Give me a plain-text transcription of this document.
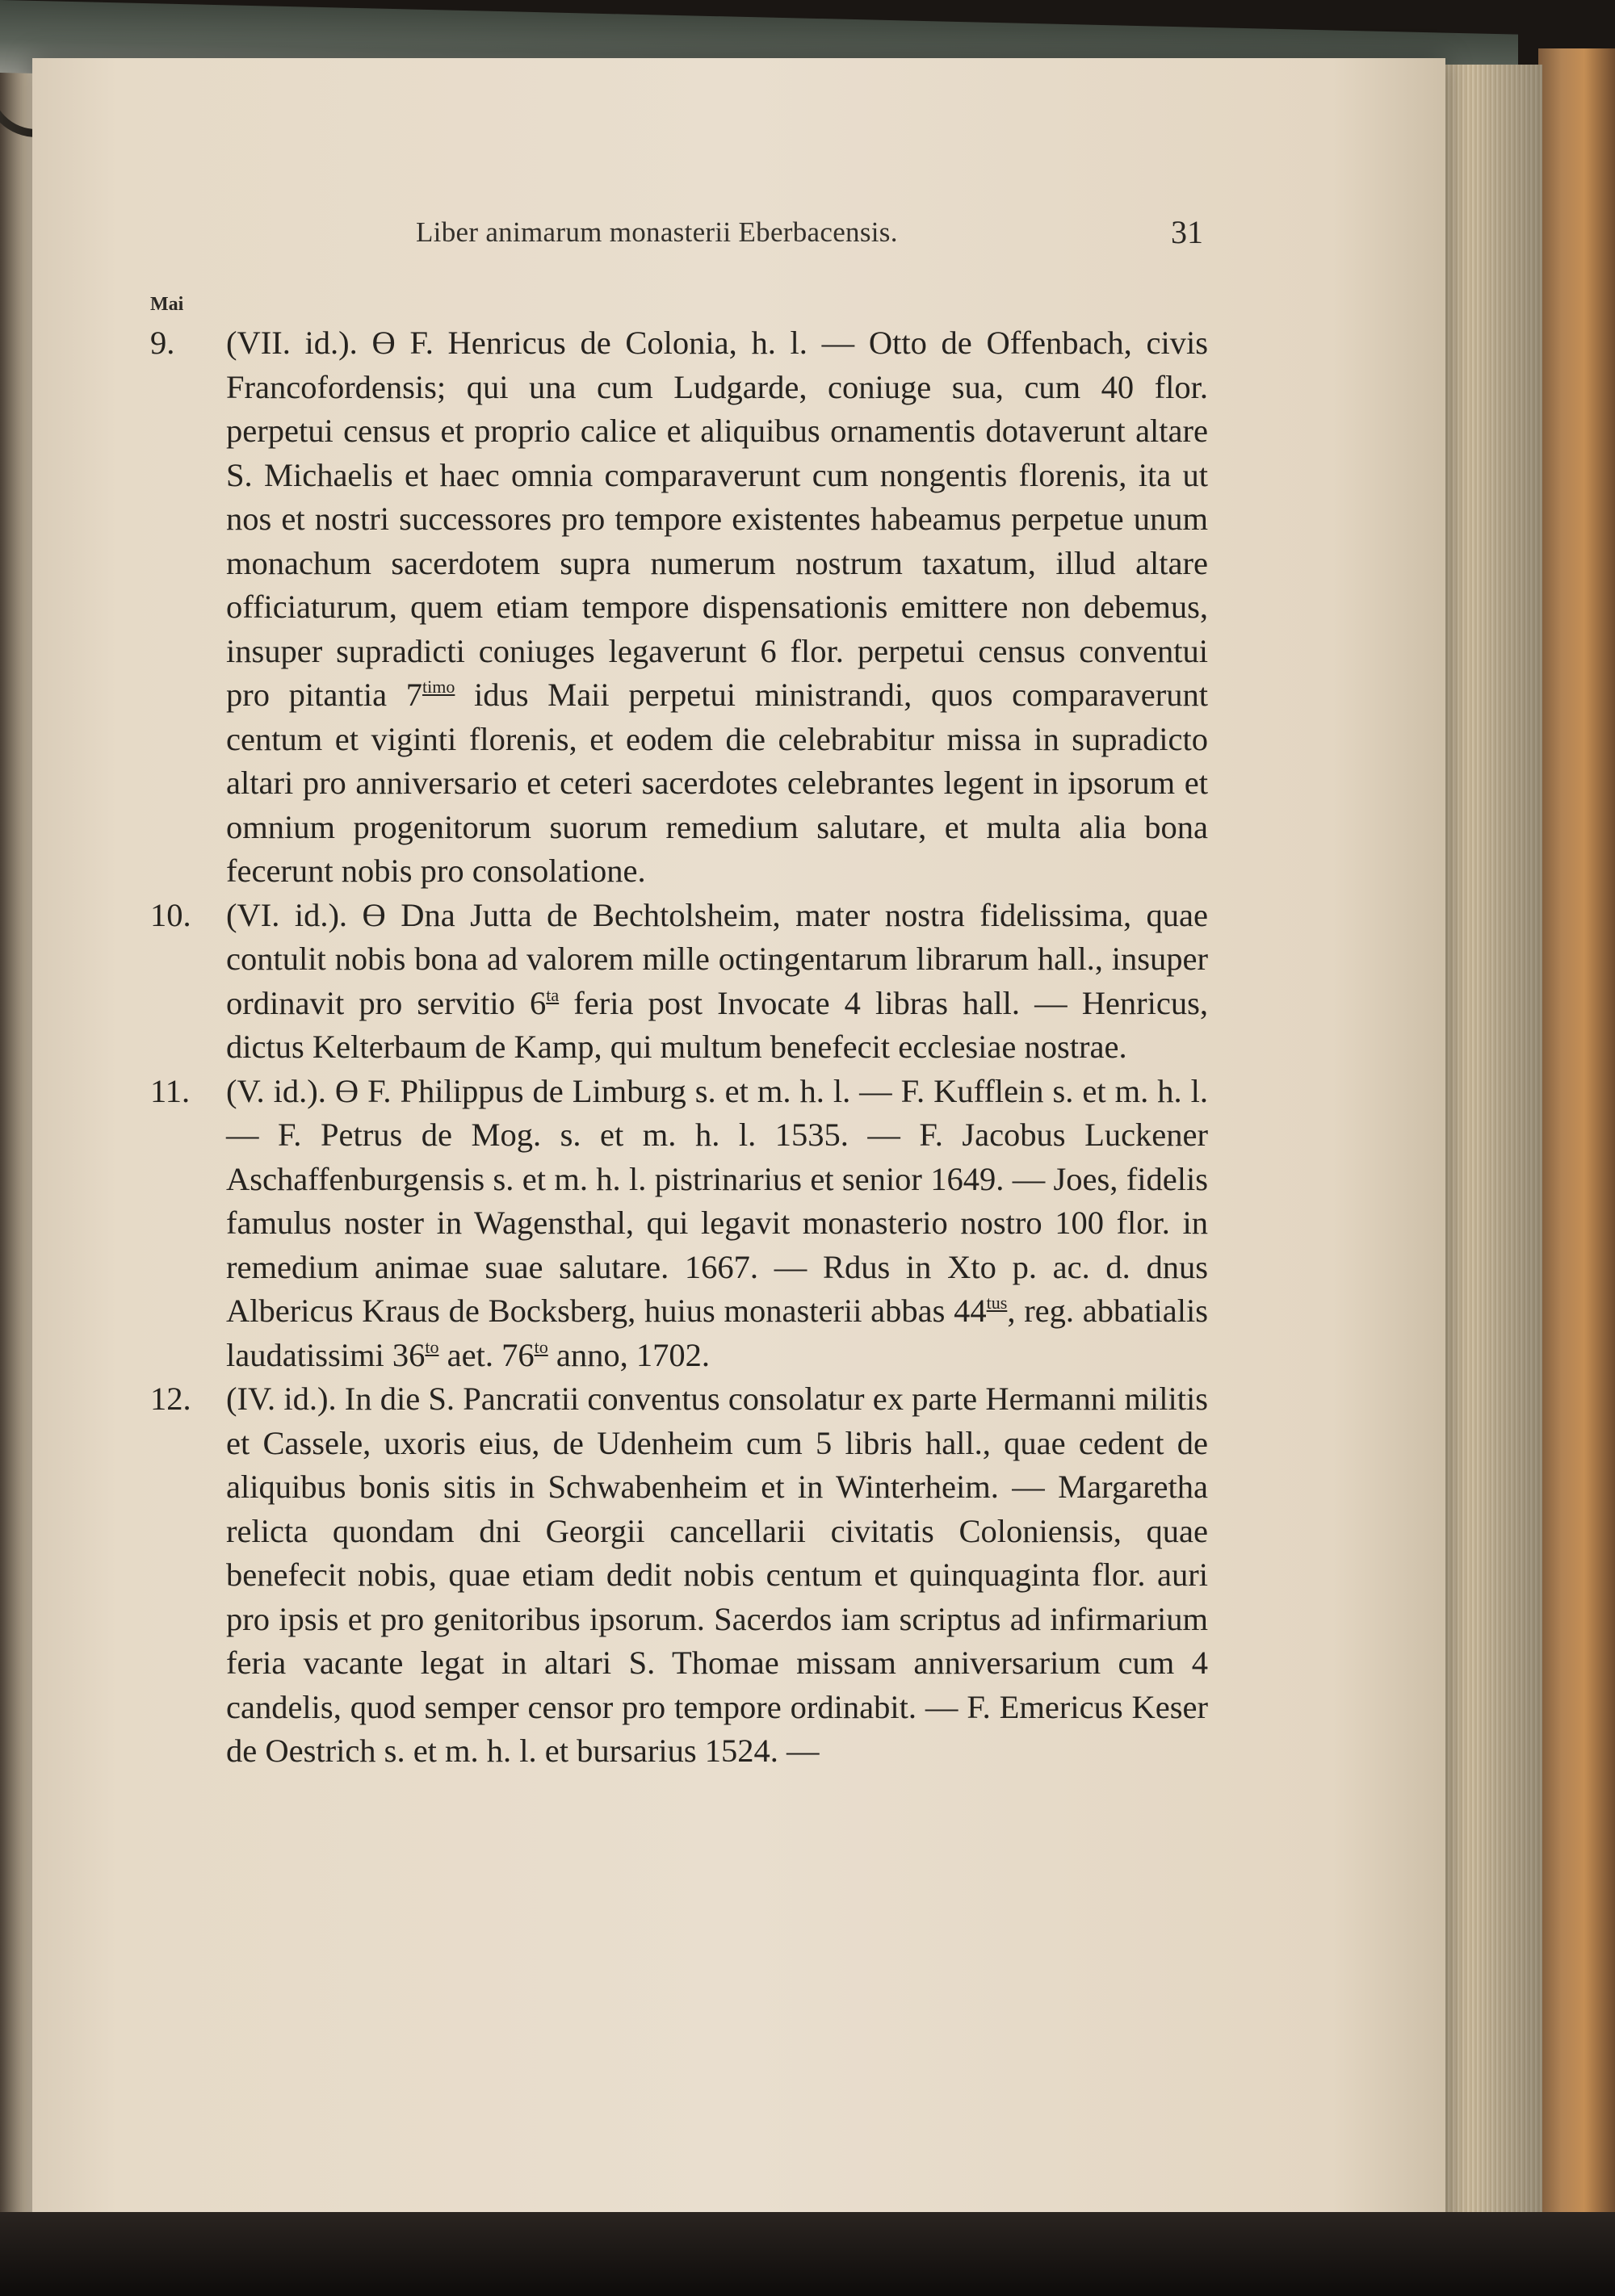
Liber animarum monasterii Eberbacensis.	31
Mai

9. (VII. id.). ϴ F. Henricus de Colonia, h. l. — Otto de Offenbach, civis Francofordensis; qui una cum Ludgarde, coniuge sua, cum 40 flor. perpetui census et proprio calice et aliquibus ornamentis dotaverunt altare S. Michaelis et haec omnia comparaverunt cum nongentis florenis, ita ut nos et nostri successores pro tempore existentes habeamus perpetue unum monachum sacerdotem supra numerum nostrum taxatum, illud altare officiaturum, quem etiam tempore dispensationis emittere non debemus, insuper supradicti coniuges legaverunt 6 flor. perpetui census conventui pro pitantia $7^{timo}$ idus Maii perpetui ministrandi, quos comparaverunt centum et viginti florenis, et eodem die celebrabitur missa in supradicto altari pro anniversario et ceteri sacerdotes celebrantes legent in ipsorum et omnium progenitorum suorum remedium salutare, et multa alia bona fecerunt nobis pro consolatione.

10. (VI. id.). ϴ Dna Jutta de Bechtolsheim, mater nostra fidelissima, quae contulit nobis bona ad valorem mille octingentarum librarum hall., insuper ordinavit pro servitio $6^{ta}$ feria post Invocate 4 libras hall. — Henricus, dictus Kelterbaum de Kamp, qui multum benefecit ecclesiae nostrae.

11. (V. id.). ϴ F. Philippus de Limburg s. et m. h. l. — F. Kufflein s. et m. h. l. — F. Petrus de Mog. s. et m. h. l. 1535. — F. Jacobus Luckener Aschaffenburgensis s. et m. h. l. pistrinarius et senior 1649. — Joes, fidelis famulus noster in Wagensthal, qui legavit monasterio nostro 100 flor. in remedium animae suae salutare. 1667. — Rdus in Xto p. ac. d. dnus Albericus Kraus de Bocksberg, huius monasterii abbas $44^{tus}$, reg. abbatialis laudatissimi $36^{to}$ aet. $76^{to}$ anno, 1702.

12. (IV. id.). In die S. Pancratii conventus consolatur ex parte Hermanni militis et Cassele, uxoris eius, de Udenheim cum 5 libris hall., quae cedent de aliquibus bonis sitis in Schwabenheim et in Winterheim. — Margaretha relicta quondam dni Georgii cancellarii civitatis Coloniensis, quae benefecit nobis, quae etiam dedit nobis centum et quinquaginta flor. auri pro ipsis et pro genitoribus ipsorum. Sacerdos iam scriptus ad infirmarium feria vacante legat in altari S. Thomae missam anniversarium cum 4 candelis, quod semper censor pro tempore ordinabit. — F. Emericus Keser de Oestrich s. et m. h. l. et bursarius 1524. —
